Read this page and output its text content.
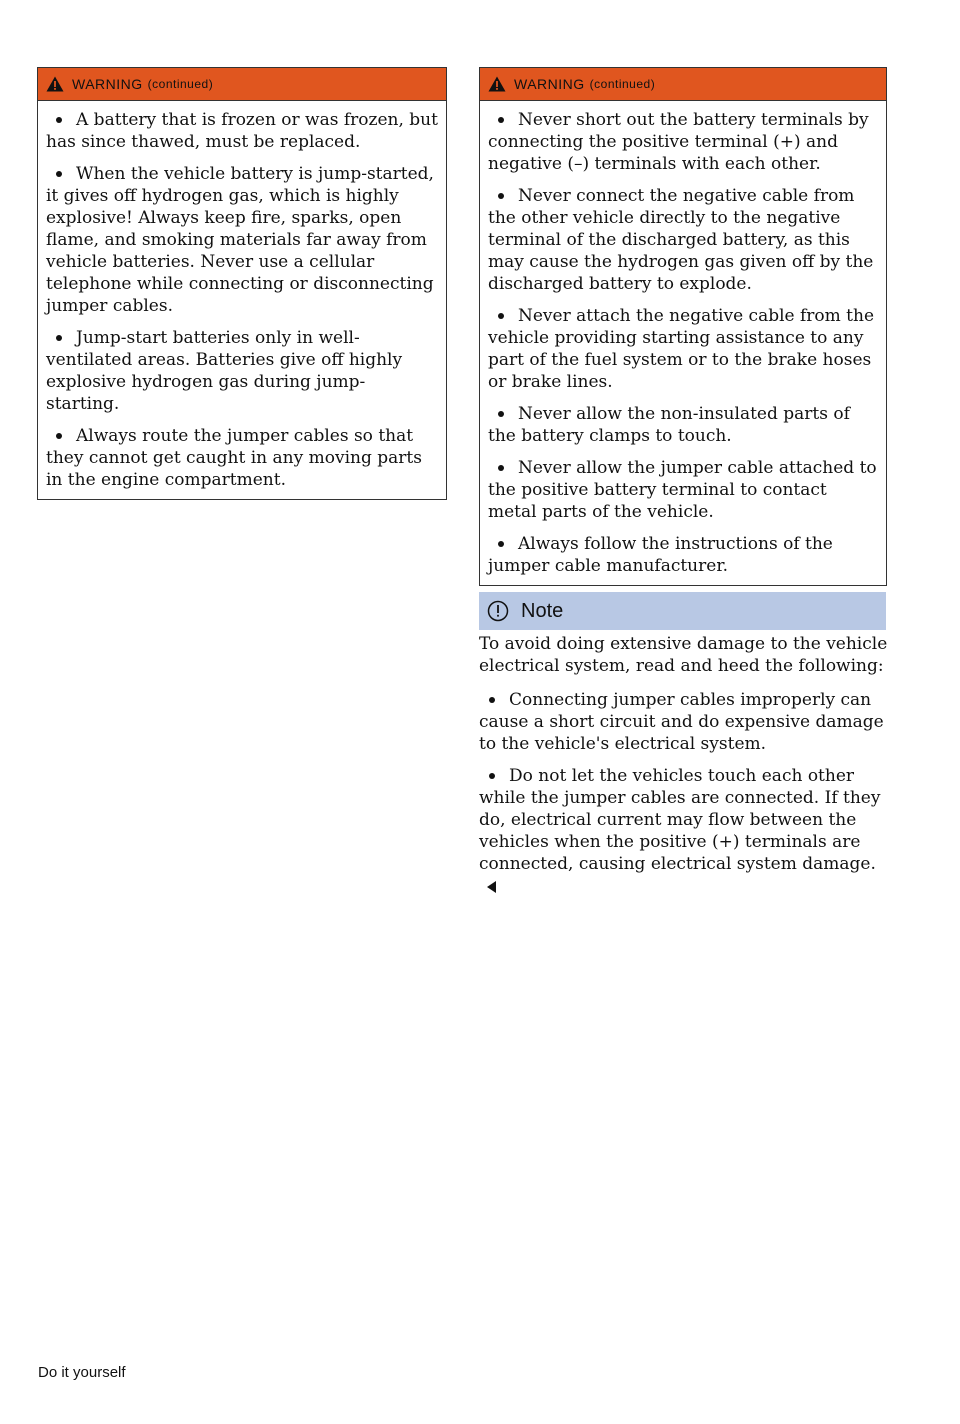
WARNING (continued)

A battery that is frozen or was frozen, but has since thawed, must be replaced.

When the vehicle battery is jump-started, it gives off hydrogen gas, which is highly explosive! Always keep fire, sparks, open flame, and smoking materials far away from vehicle batteries. Never use a cellular telephone while connecting or disconnecting jumper cables.

Jump-start batteries only in well-ventilated areas. Batteries give off highly explosive hydrogen gas during jump-starting.

Always route the jumper cables so that they cannot get caught in any moving parts in the engine compartment.

WARNING (continued)

Never short out the battery terminals by connecting the positive terminal (+) and negative (–) terminals with each other.

Never connect the negative cable from the other vehicle directly to the negative terminal of the discharged battery, as this may cause the hydrogen gas given off by the discharged battery to explode.

Never attach the negative cable from the vehicle providing starting assistance to any part of the fuel system or to the brake hoses or brake lines.

Never allow the non-insulated parts of the battery clamps to touch.

Never allow the jumper cable attached to the positive battery terminal to contact metal parts of the vehicle.

Always follow the instructions of the jumper cable manufacturer.

Note

To avoid doing extensive damage to the vehicle electrical system, read and heed the following:

Connecting jumper cables improperly can cause a short circuit and do expensive damage to the vehicle's electrical system.

Do not let the vehicles touch each other while the jumper cables are connected. If they do, electrical current may flow between the vehicles when the positive (+) terminals are connected, causing electrical system damage.

Do it yourself
